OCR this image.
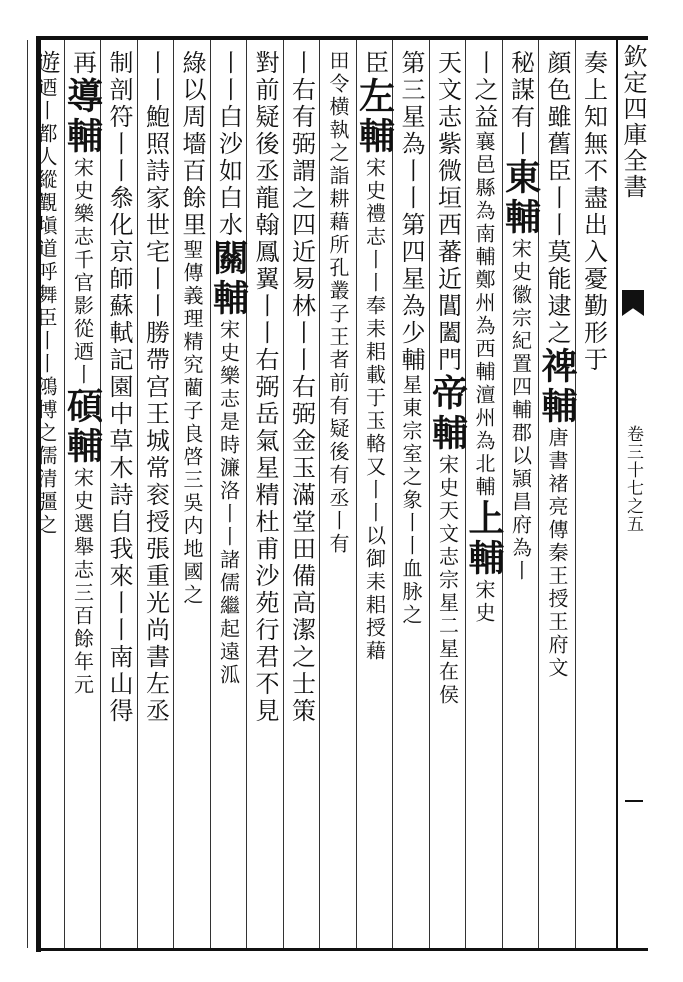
欽定四庫全書
卷三十七之五
奏上知無不盡出入憂勤形于
顔色雖舊臣丨丨莫能逮之禆輔唐書褚亮傳秦王授王府文
秘謀有丨東輔宋史徽宗紀置四輔郡以頴昌府為丨
丨之益襄邑縣為南輔鄭州為西輔澶州為北輔上輔宋史
天文志紫微垣西蕃近閶闔門帝輔宋史天文志宗星二星在侯
第三星為丨丨第四星為少輔星東宗室之象丨丨血脉之
臣左輔宋史禮志丨丨奉耒耜載于玉輅又丨丨以御耒耜授藉
田令横執之詣耕藉所孔叢子王者前有疑後有丞丨有
丨右有弼謂之四近易林丨丨右弼金玉滿堂田備高潔之士策
對前疑後丞龍翰鳳翼丨丨右弼岳氣星精杜甫沙苑行君不見
丨丨白沙如白水關輔宋史樂志是時濂洛丨丨諸儒繼起遠泒
綠以周墻百餘里聖傳義理精究藺子良啓三吳内地國之
丨丨鮑照詩家世宅丨丨勝帶宫王城常衮授張重光尚書左丞
制剖符丨丨叅化京師蘇軾記園中草木詩自我來丨丨南山得
再導輔宋史樂志千官影從迺丨碩輔宋史選舉志三百餘年元
遊迺丨都人縱觀塡道呼舞臣丨丨鴻博之儒清彊之
